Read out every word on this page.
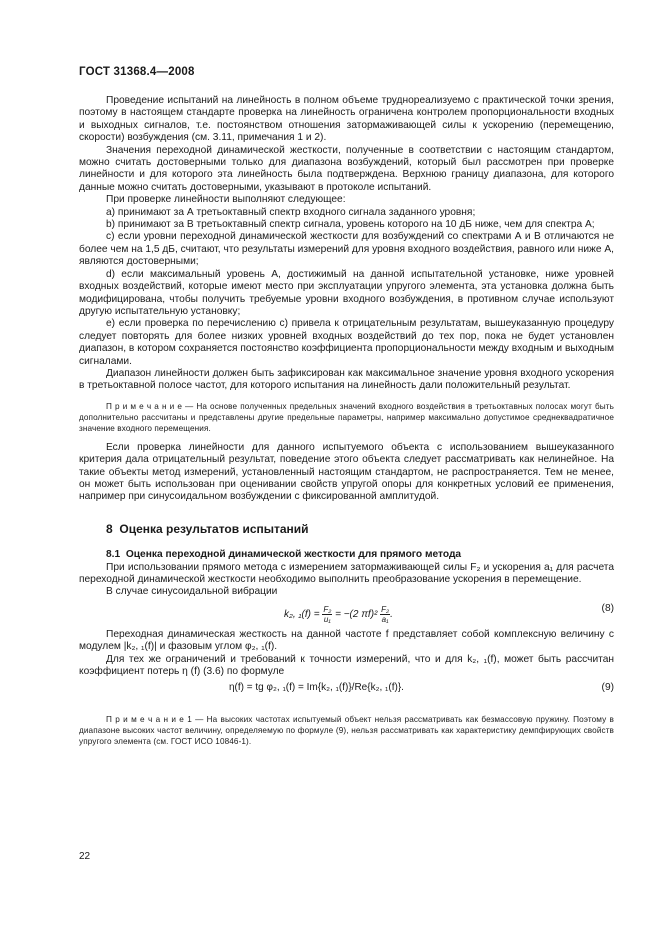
ГОСТ 31368.4—2008

Проведение испытаний на линейность в полном объеме труднореализуемо с практической точки зрения, поэтому в настоящем стандарте проверка на линейность ограничена контролем пропорциональности входных и выходных сигналов, т.е. постоянством отношения затормаживающей силы к ускорению (перемещению, скорости) возбуждения (см. 3.11, примечания 1 и 2).

Значения переходной динамической жесткости, полученные в соответствии с настоящим стандартом, можно считать достоверными только для диапазона возбуждений, который был рассмотрен при проверке линейности и для которого эта линейность была подтверждена. Верхнюю границу диапазона, для которого данные можно считать достоверными, указывают в протоколе испытаний.

При проверке линейности выполняют следующее:

a) принимают за А третьоктавный спектр входного сигнала заданного уровня;

b) принимают за В третьоктавный спектр сигнала, уровень которого на 10 дБ ниже, чем для спектра А;

c) если уровни переходной динамической жесткости для возбуждений со спектрами А и В отличаются не более чем на 1,5 дБ, считают, что результаты измерений для уровня входного воздействия, равного или ниже А, являются достоверными;

d) если максимальный уровень А, достижимый на данной испытательной установке, ниже уровней входных воздействий, которые имеют место при эксплуатации упругого элемента, эта установка должна быть модифицирована, чтобы получить требуемые уровни входного возбуждения, в противном случае используют другую испытательную установку;

e) если проверка по перечислению c) привела к отрицательным результатам, вышеуказанную процедуру следует повторять для более низких уровней входных воздействий до тех пор, пока не будет установлен диапазон, в котором сохраняется постоянство коэффициента пропорциональности между входным и выходным сигналами.

Диапазон линейности должен быть зафиксирован как максимальное значение уровня входного ускорения в третьоктавной полосе частот, для которого испытания на линейность дали положительный результат.

П р и м е ч а н и е — На основе полученных предельных значений входного воздействия в третьоктавных полосах могут быть дополнительно рассчитаны и представлены другие предельные параметры, например максимально допустимое среднеквадратичное значение входного перемещения.

Если проверка линейности для данного испытуемого объекта с использованием вышеуказанного критерия дала отрицательный результат, поведение этого объекта следует рассматривать как нелинейное. На такие объекты метод измерений, установленный настоящим стандартом, не распространяется. Тем не менее, он может быть использован при оценивании свойств упругой опоры для конкретных условий ее применения, например при синусоидальном возбуждении с фиксированной амплитудой.

8 Оценка результатов испытаний

8.1 Оценка переходной динамической жесткости для прямого метода

При использовании прямого метода с измерением затормаживающей силы F₂ и ускорения a₁ для расчета переходной динамической жесткости необходимо выполнить преобразование ускорения в перемещение.

В случае синусоидальной вибрации

k₂, $_1(f) = \frac{\text{F₂}}{\text{u₁}} = -(2$ $\pi f)^2 \frac{\text{F₂}}{\text{a₁}}$ .
(8)

Переходная динамическая жесткость на данной частоте f представляет собой комплексную величину с модулем |k₂, ₁(f)| и фазовым углом φ₂, ₁(f).

Для тех же ограничений и требований к точности измерений, что и для k₂, ₁(f), может быть рассчитан коэффициент потерь η (f) (3.6) по формуле

η(f) = tg φ₂, ₁(f) = Im{k₂, ₁(f)}/Re{k₂, ₁(f)}.	(9)

П р и м е ч а н и е 1 — На высоких частотах испытуемый объект нельзя рассматривать как безмассовую пружину. Поэтому в диапазоне высоких частот величину, определяемую по формуле (9), нельзя рассматривать как характеристику демпфирующих свойств упругого элемента (см. ГОСТ ИСО 10846-1).

22
